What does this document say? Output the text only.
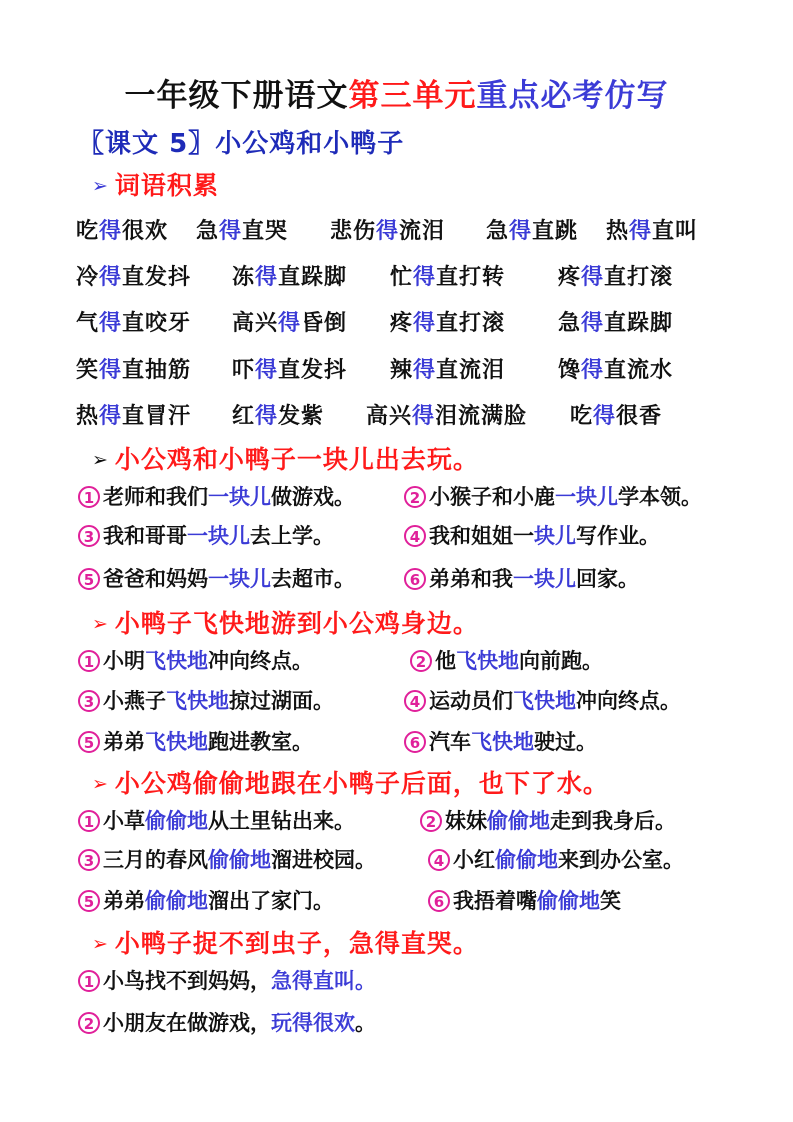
一年级下册语文第三单元重点必考仿写
〖课文 5〗小公鸡和小鸭子
➢ 词语积累
吃得很欢 急得直哭 悲伤得流泪 急得直跳 热得直叫
冷得直发抖 冻得直跺脚 忙得直打转 疼得直打滚
气得直咬牙 高兴得昏倒 疼得直打滚 急得直跺脚
笑得直抽筋 吓得直发抖 辣得直流泪 馋得直流水
热得直冒汗 红得发紫 高兴得泪流满脸 吃得很香
➢ 小公鸡和小鸭子一块儿出去玩。
1 老师和我们一块儿做游戏。	2 小猴子和小鹿一块儿学本领。
3 我和哥哥一块儿去上学。	4 我和姐姐一块儿写作业。
5 爸爸和妈妈一块儿去超市。	6 弟弟和我一块儿回家。
➢ 小鸭子飞快地游到小公鸡身边。
1 小明飞快地冲向终点。	2 他飞快地向前跑。
3 小燕子飞快地掠过湖面。	4 运动员们飞快地冲向终点。
5 弟弟飞快地跑进教室。	6 汽车飞快地驶过。
➢ 小公鸡偷偷地跟在小鸭子后面，也下了水。
1 小草偷偷地从土里钻出来。	2 妹妹偷偷地走到我身后。
3 三月的春风偷偷地溜进校园。	4 小红偷偷地来到办公室。
5 弟弟偷偷地溜出了家门。	6 我捂着嘴偷偷地笑
➢ 小鸭子捉不到虫子，急得直哭。
1 小鸟找不到妈妈，急得直叫。
2 小朋友在做游戏，玩得很欢。
